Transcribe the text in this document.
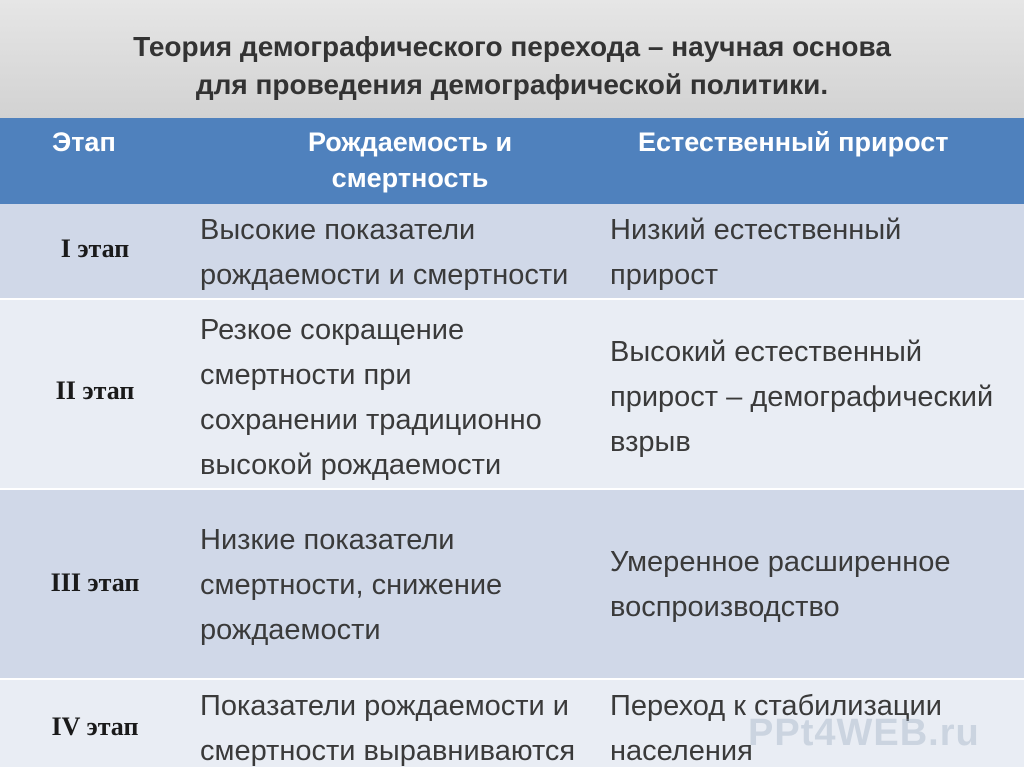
Теория демографического перехода – научная основа
для проведения демографической политики.
Этап	Рождаемость и
смертность
Естественный прирост
I этап
Высокие показатели
рождаемости и смертности
Низкий естественный
прирост
II этап
Резкое сокращение
смертности при
сохранении традиционно
высокой рождаемости
Высокий естественный
прирост – демографический
взрыв
III этап
Низкие показатели
смертности, снижение
рождаемости
Умеренное расширенное
воспроизводство
IV этап
Показатели рождаемости и
смертности выравниваются
Переход к стабилизации
населения
PPt4WEB.ru
